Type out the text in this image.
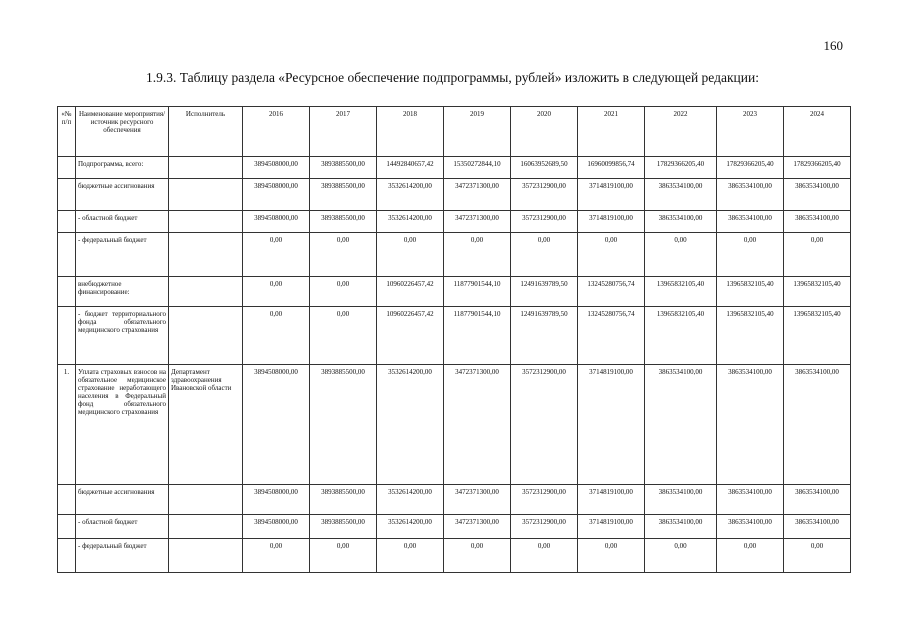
160
1.9.3. Таблицу раздела «Ресурсное обеспечение подпрограммы, рублей» изложить в следующей редакции:
«№ п/п	Наименование мероприятия/источник ресурсного обеспечения	Исполнитель	2016	2017	2018	2019	2020	2021	2022	2023	2024
	Подпрограмма, всего:		3894508000,00	3893885500,00	14492840657,42	15350272844,10	16063952689,50	16960099856,74	17829366205,40	17829366205,40	17829366205,40
	бюджетные ассигнования		3894508000,00	3893885500,00	3532614200,00	3472371300,00	3572312900,00	3714819100,00	3863534100,00	3863534100,00	3863534100,00
	- областной бюджет		3894508000,00	3893885500,00	3532614200,00	3472371300,00	3572312900,00	3714819100,00	3863534100,00	3863534100,00	3863534100,00
	- федеральный бюджет		0,00	0,00	0,00	0,00	0,00	0,00	0,00	0,00	0,00
	внебюджетное финансирование:		0,00	0,00	10960226457,42	11877901544,10	12491639789,50	13245280756,74	13965832105,40	13965832105,40	13965832105,40
	- бюджет территориального фонда обязательного медицинского страхования		0,00	0,00	10960226457,42	11877901544,10	12491639789,50	13245280756,74	13965832105,40	13965832105,40	13965832105,40
1.	Уплата страховых взносов на обязательное медицинское страхование неработающего населения в Федеральный фонд обязательного медицинского страхования	Департамент здравоохранения Ивановской области	3894508000,00	3893885500,00	3532614200,00	3472371300,00	3572312900,00	3714819100,00	3863534100,00	3863534100,00	3863534100,00
	бюджетные ассигнования		3894508000,00	3893885500,00	3532614200,00	3472371300,00	3572312900,00	3714819100,00	3863534100,00	3863534100,00	3863534100,00
	- областной бюджет		3894508000,00	3893885500,00	3532614200,00	3472371300,00	3572312900,00	3714819100,00	3863534100,00	3863534100,00	3863534100,00
	- федеральный бюджет		0,00	0,00	0,00	0,00	0,00	0,00	0,00	0,00	0,00
